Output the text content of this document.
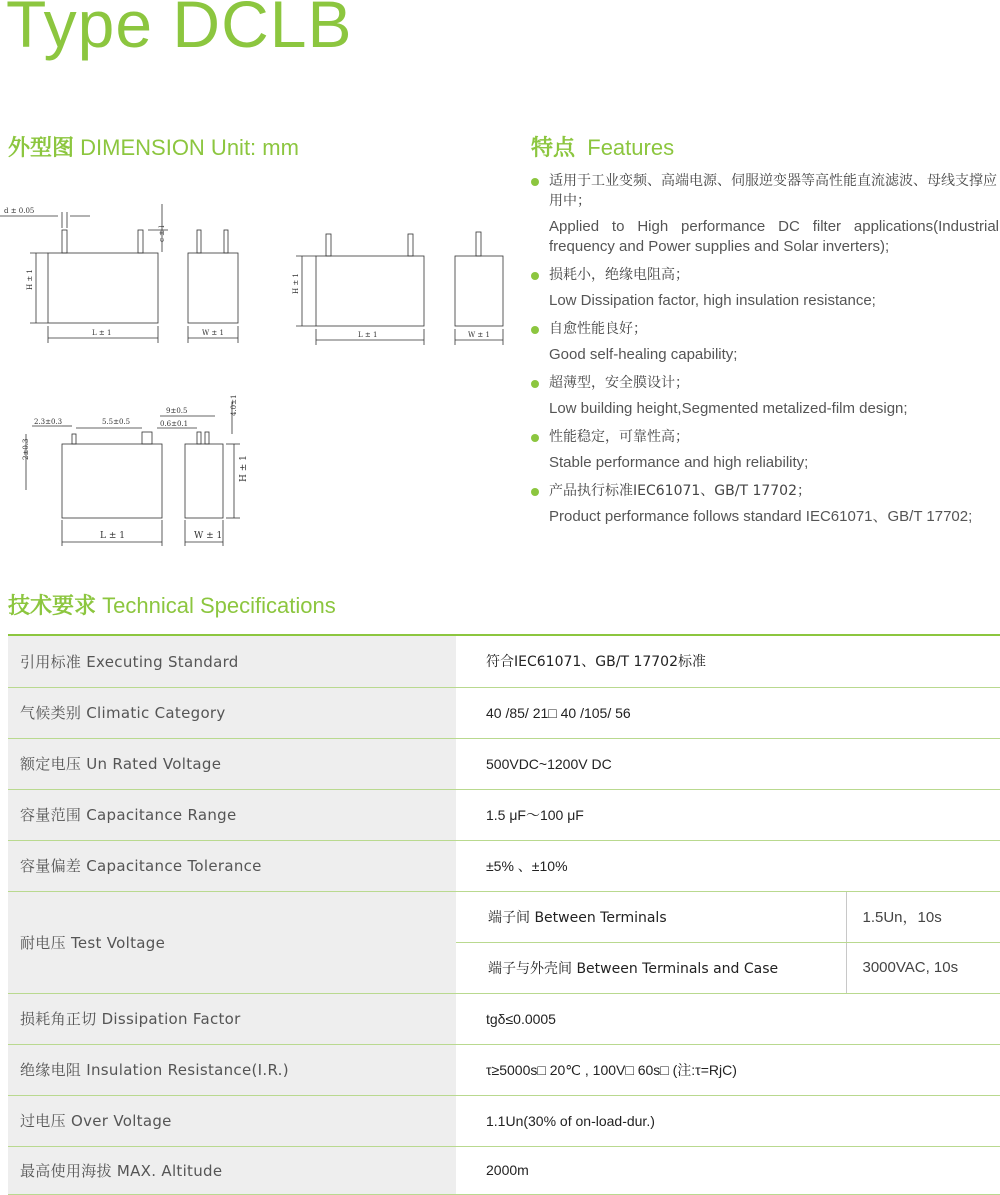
Type DCLB
外型图 DIMENSION Unit: mm
d ± 0.05
H ± 1
L ± 1
c ± l
W ± 1
H ± 1
L ± 1	W ± 1
2.3±0.3	5.5±0.5
2±0.3
L ± 1
9±0.5
0.6±0.1
4.0±1
H ± 1
W ± 1
特点 Features
适用于工业变频、高端电源、伺服逆变器等高性能直流滤波、母线支撑应用中；
Applied to High performance DC filter applications(Industrial frequency and Power supplies and Solar inverters);
损耗小，绝缘电阻高；
Low Dissipation factor, high insulation resistance;
自愈性能良好；
Good self-healing capability;
超薄型，安全膜设计；
Low building height,Segmented metalized-film design;
性能稳定，可靠性高；
Stable performance and high reliability;
产品执行标准IEC61071、GB/T 17702；
Product performance follows standard IEC61071、GB/T 17702;
技术要求 Technical Specifications
引用标准 Executing Standard	符合IEC61071、GB/T 17702标准	
气候类别 Climatic Category	40 /85/ 21□ 40 /105/ 56	
额定电压 Un Rated Voltage	500VDC~1200V DC	
容量范围 Capacitance Range	1.5 μF～100 μF	
容量偏差 Capacitance Tolerance	±5% 、±10%	
耐电压 Test Voltage	端子间 Between Terminals	1.5Un，10s
	端子与外壳间 Between Terminals and Case	3000VAC, 10s
损耗角正切 Dissipation Factor	tgδ≤0.0005	
绝缘电阻 Insulation Resistance(I.R.)	τ≥5000s□ 20℃ , 100V□ 60s□ (注:τ=RjC)	
过电压 Over Voltage	1.1Un(30% of on-load-dur.)	
最高使用海拔 MAX. Altitude	2000m	
